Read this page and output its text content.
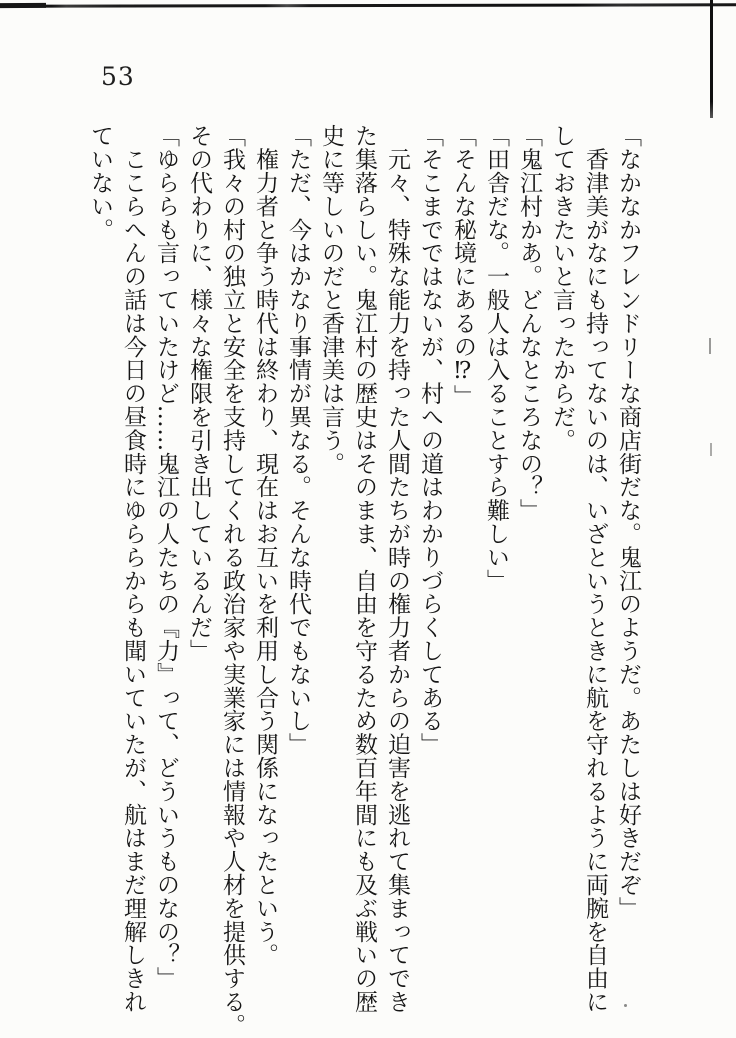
53

「なかなかフレンドリーな商店街だな。鬼江のようだ。あたしは好きだぞ」

　香津美がなにも持ってないのは、いざというときに航を守れるように両腕を自由に

しておきたいと言ったからだ。

「鬼江村かあ。どんなところなの？」

「田舎だな。一般人は入ることすら難しい」

「そんな秘境にあるの⁉」

「そこまでではないが、村への道はわかりづらくしてある」

　元々、特殊な能力を持った人間たちが時の権力者からの迫害を逃れて集まってでき

た集落らしい。鬼江村の歴史はそのまま、自由を守るため数百年間にも及ぶ戦いの歴

史に等しいのだと香津美は言う。

「ただ、今はかなり事情が異なる。そんな時代でもないし」

　権力者と争う時代は終わり、現在はお互いを利用し合う関係になったという。

「我々の村の独立と安全を支持してくれる政治家や実業家には情報や人材を提供する。

その代わりに、様々な権限を引き出しているんだ」

「ゆららも言っていたけど……鬼江の人たちの『力』って、どういうものなの？」

　ここらへんの話は今日の昼食時にゆららからも聞いていたが、航はまだ理解しきれ

ていない。
